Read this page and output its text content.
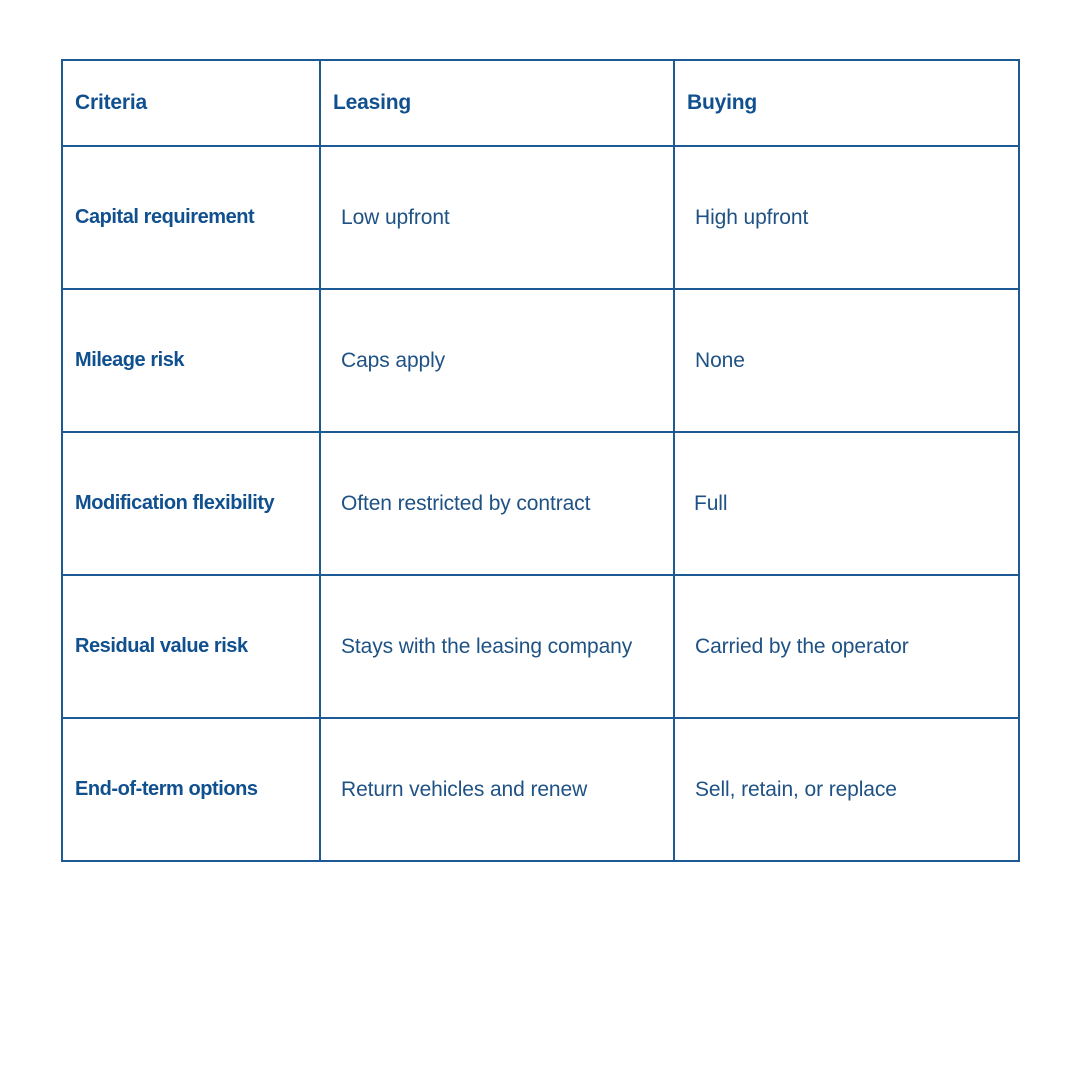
Criteria	Leasing	Buying

Capital requirement	Low upfront	High upfront

Mileage risk	Caps apply	None

Modification flexibility	Often restricted by contract	Full

Residual value risk	Stays with the leasing company	Carried by the operator

End-of-term options	Return vehicles and renew	Sell, retain, or replace
